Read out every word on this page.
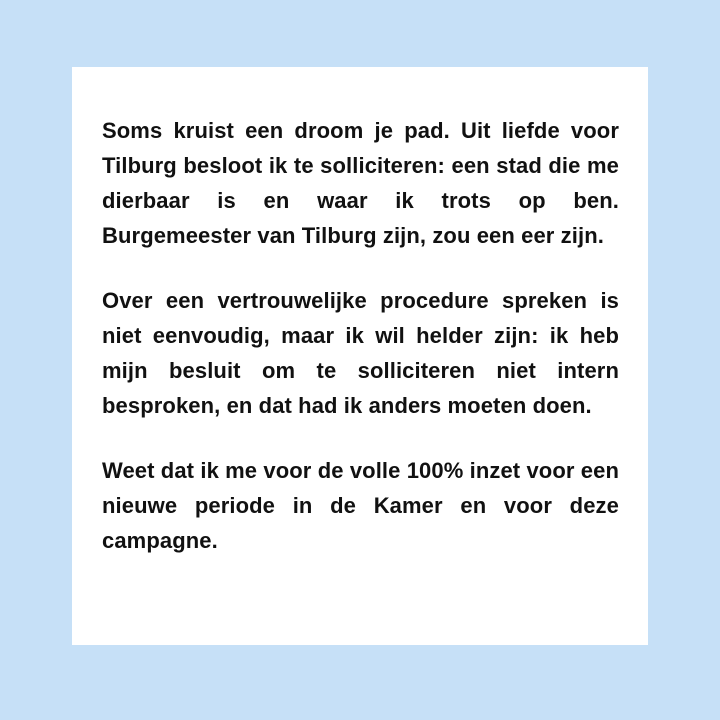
Soms kruist een droom je pad. Uit liefde voor Tilburg besloot ik te solliciteren: een stad die me dierbaar is en waar ik trots op ben. Burgemeester van Tilburg zijn, zou een eer zijn.

Over een vertrouwelijke procedure spreken is niet eenvoudig, maar ik wil helder zijn: ik heb mijn besluit om te solliciteren niet intern besproken, en dat had ik anders moeten doen.

Weet dat ik me voor de volle 100% inzet voor een nieuwe periode in de Kamer en voor deze campagne.
